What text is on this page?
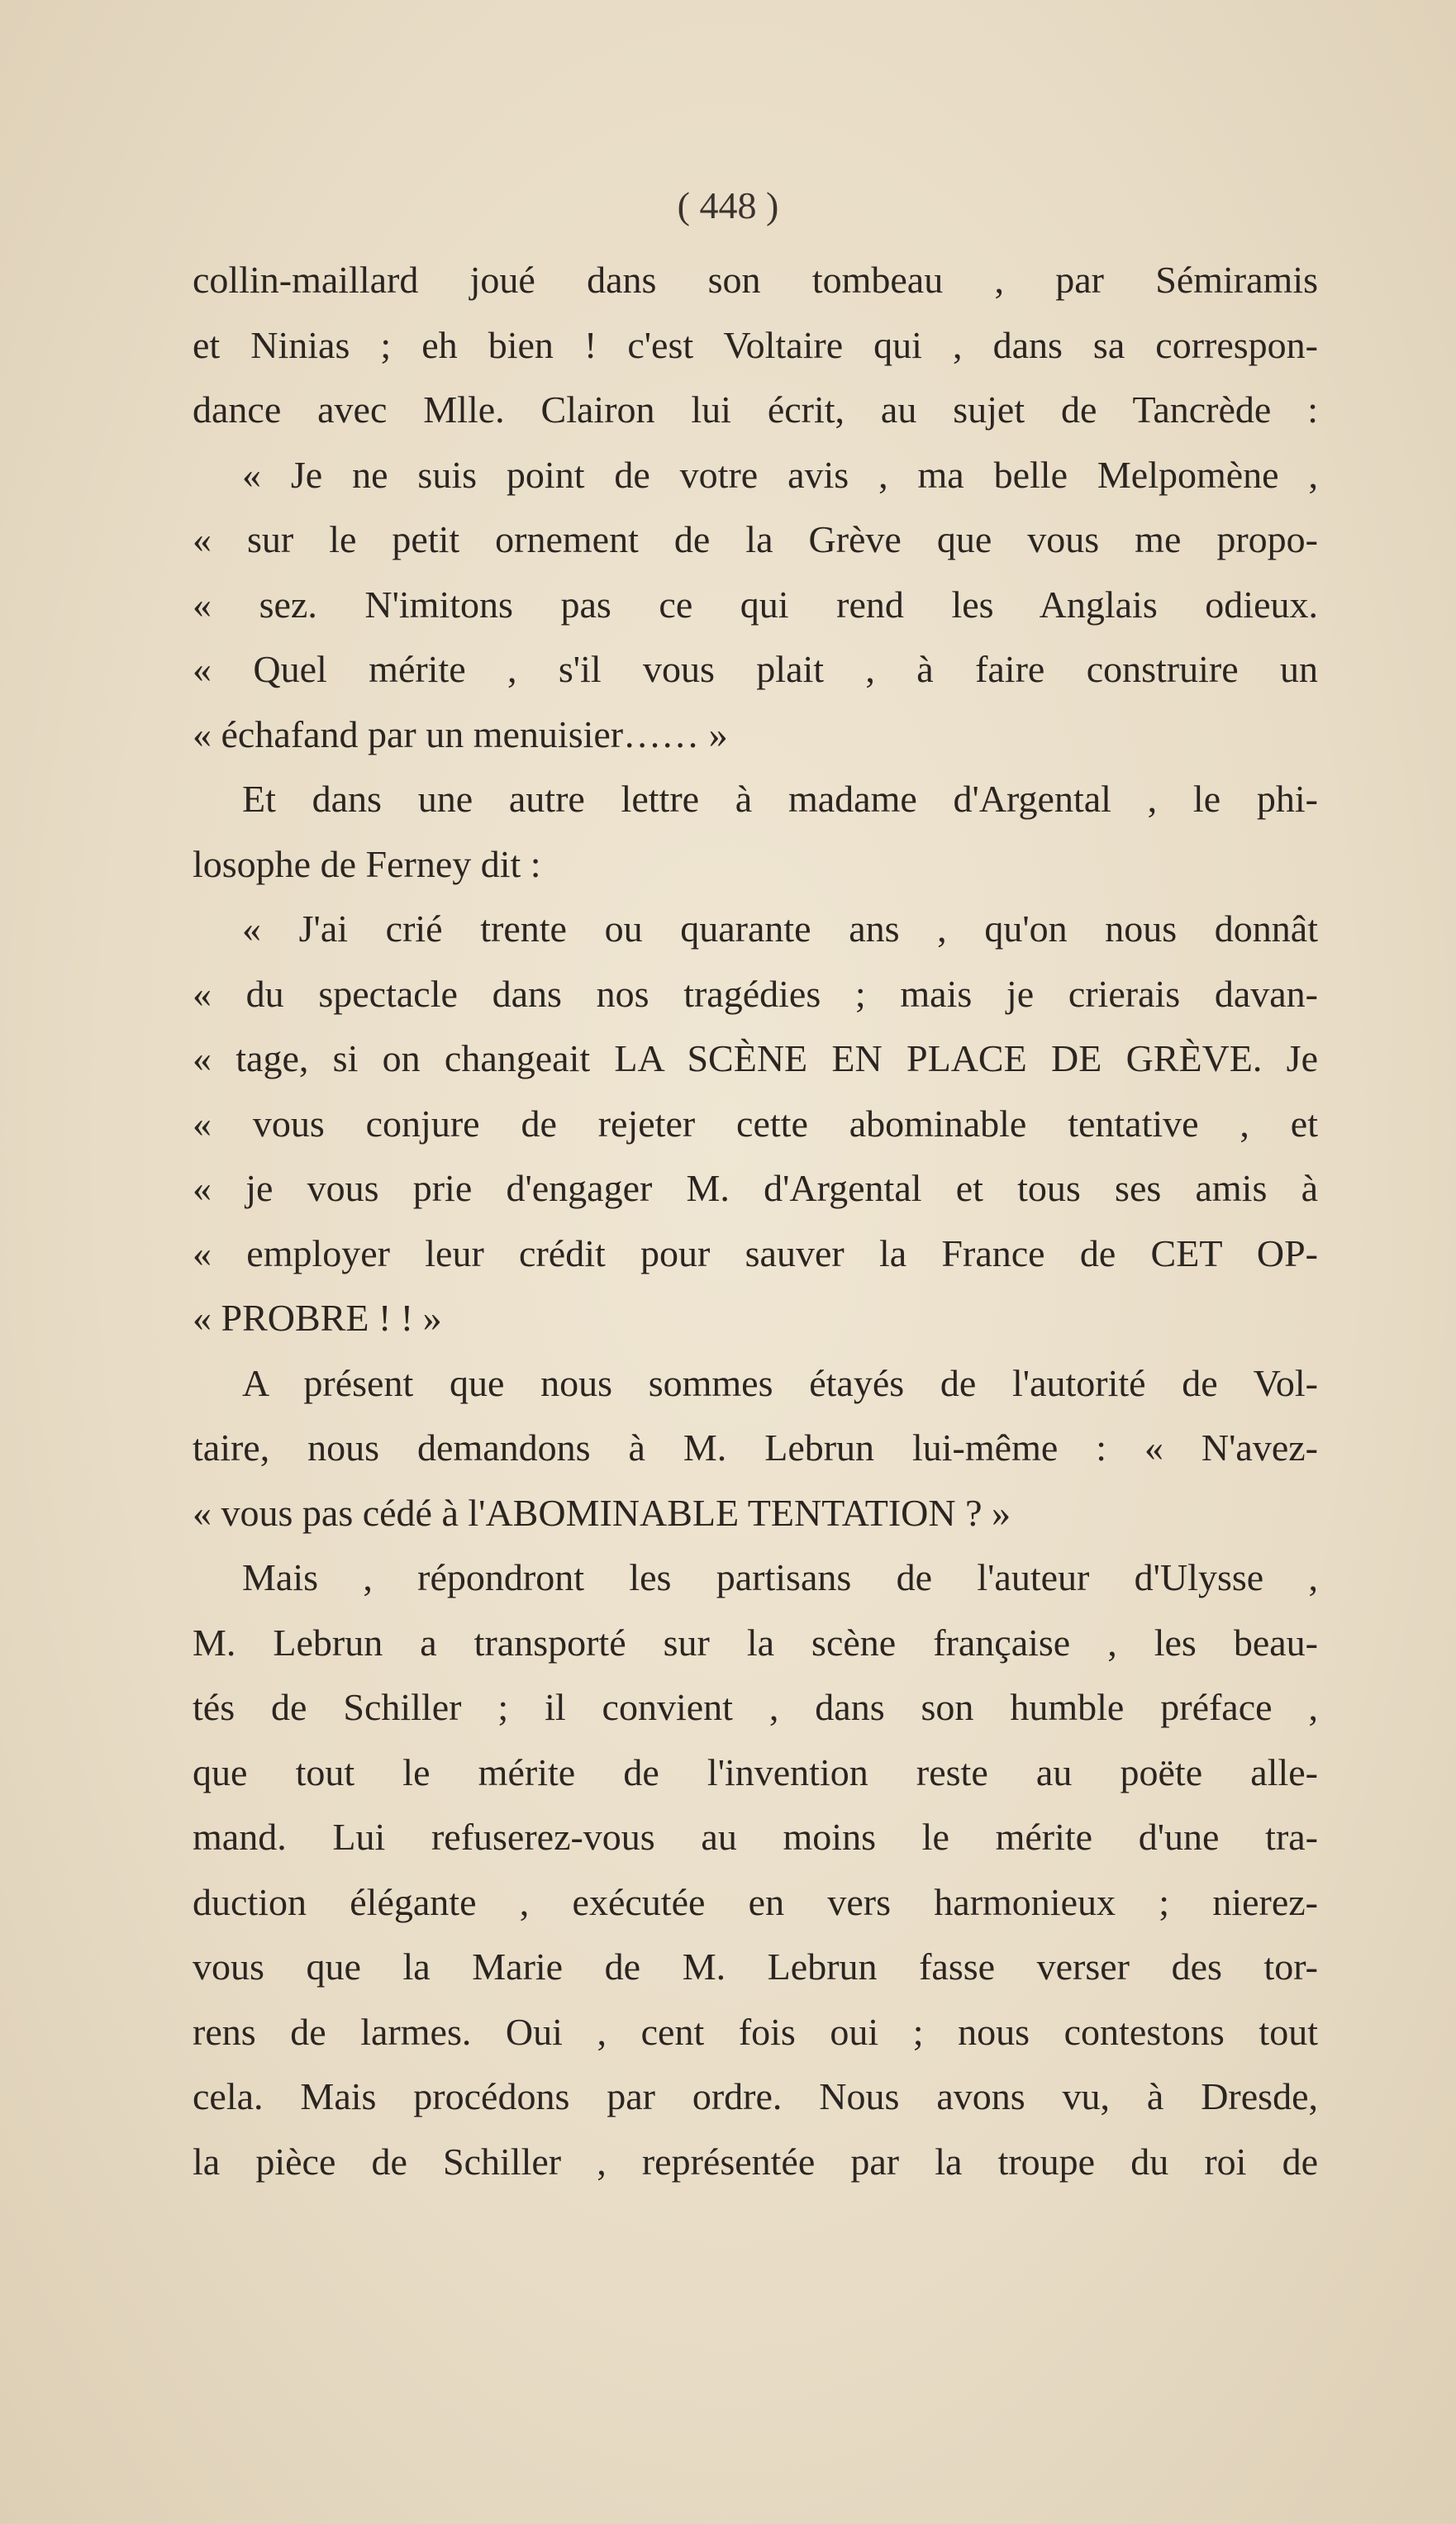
( 448 )
collin-maillard joué dans son tombeau , par Sémiramis
et Ninias ; eh bien ! c'est Voltaire qui , dans sa correspon-
dance avec Mlle. Clairon lui écrit, au sujet de Tancrède :
« Je ne suis point de votre avis , ma belle Melpomène ,
« sur le petit ornement de la Grève que vous me propo-
« sez. N'imitons pas ce qui rend les Anglais odieux.
« Quel mérite , s'il vous plait , à faire construire un
« échafand par un menuisier…… »
Et dans une autre lettre à madame d'Argental , le phi-
losophe de Ferney dit :
« J'ai crié trente ou quarante ans , qu'on nous donnât
« du spectacle dans nos tragédies ; mais je crierais davan-
« tage, si on changeait LA SCÈNE EN PLACE DE GRÈVE. Je
« vous conjure de rejeter cette abominable tentative , et
« je vous prie d'engager M. d'Argental et tous ses amis à
« employer leur crédit pour sauver la France de CET OP-
« PROBRE ! ! »
A présent que nous sommes étayés de l'autorité de Vol-
taire, nous demandons à M. Lebrun lui-même : « N'avez-
« vous pas cédé à l'ABOMINABLE TENTATION ? »
Mais , répondront les partisans de l'auteur d'Ulysse ,
M. Lebrun a transporté sur la scène française , les beau-
tés de Schiller ; il convient , dans son humble préface ,
que tout le mérite de l'invention reste au poëte alle-
mand. Lui refuserez-vous au moins le mérite d'une tra-
duction élégante , exécutée en vers harmonieux ; nierez-
vous que la Marie de M. Lebrun fasse verser des tor-
rens de larmes. Oui , cent fois oui ; nous contestons tout
cela. Mais procédons par ordre. Nous avons vu, à Dresde,
la pièce de Schiller , représentée par la troupe du roi de
